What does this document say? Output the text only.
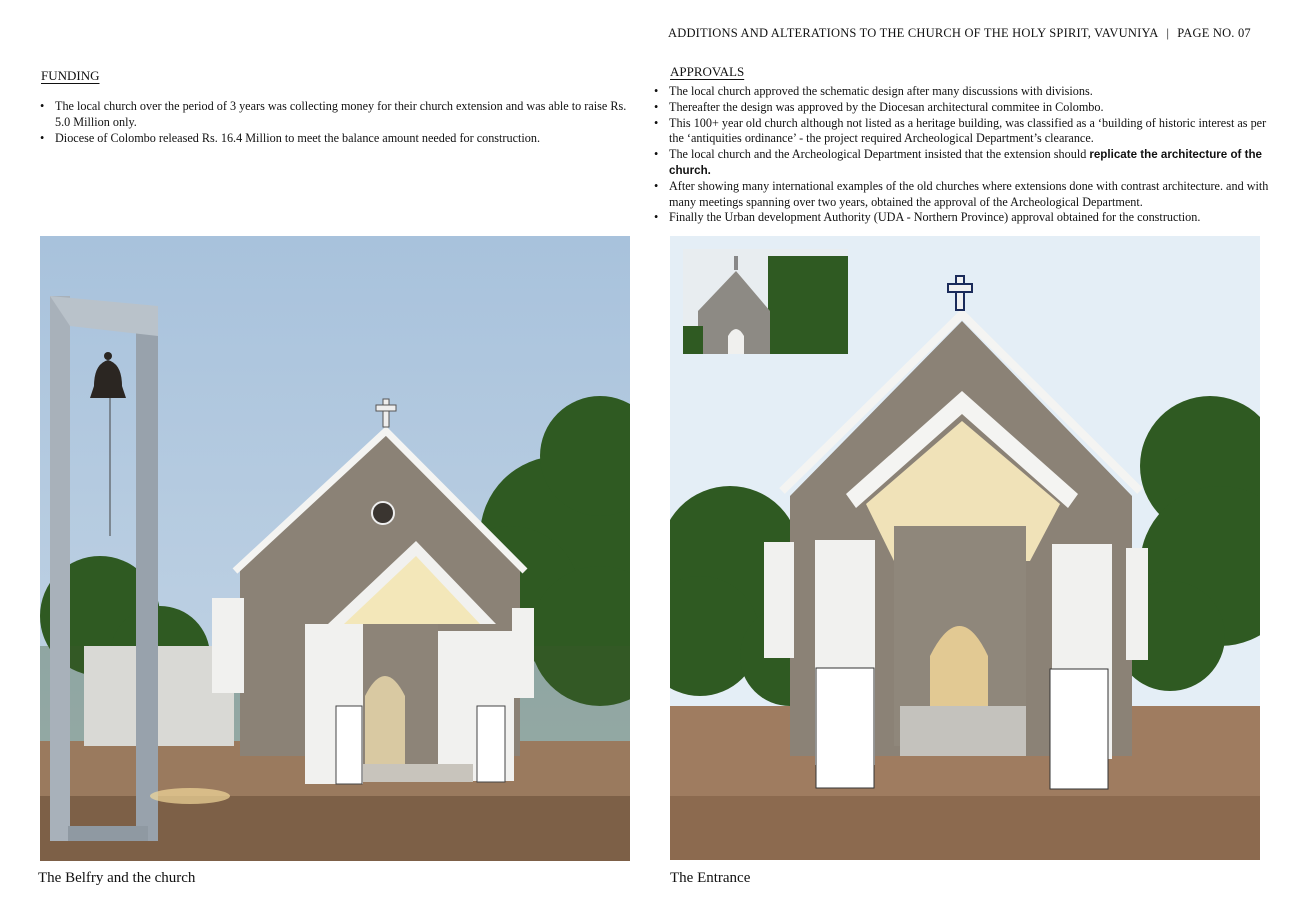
ADDITIONS AND ALTERATIONS TO THE CHURCH OF THE HOLY SPIRIT, VAVUNIYA | PAGE NO. 07
FUNDING
• The local church over the period of 3 years was collecting money for their church extension and was able to raise Rs. 5.0 Million only.
• Diocese of Colombo released Rs. 16.4 Million to meet the balance amount needed for construction.
APPROVALS
• The local church approved the schematic design after many discussions with divisions.
• Thereafter the design was approved by the Diocesan architectural commitee in Colombo.
• This 100+ year old church although not listed as a heritage building, was classified as a ‘building of historic interest as per the ‘antiquities ordinance’ - the project required Archeological Department’s clearance.
• The local church and the Archeological Department insisted that the extension should replicate the architecture of the church.
• After showing many international examples of the old churches where extensions done with contrast architecture. and with many meetings spanning over two years, obtained the approval of the Archeological Department.
• Finally the Urban development Authority (UDA - Northern Province) approval obtained for the construction.
The Belfry and the church	The Entrance
